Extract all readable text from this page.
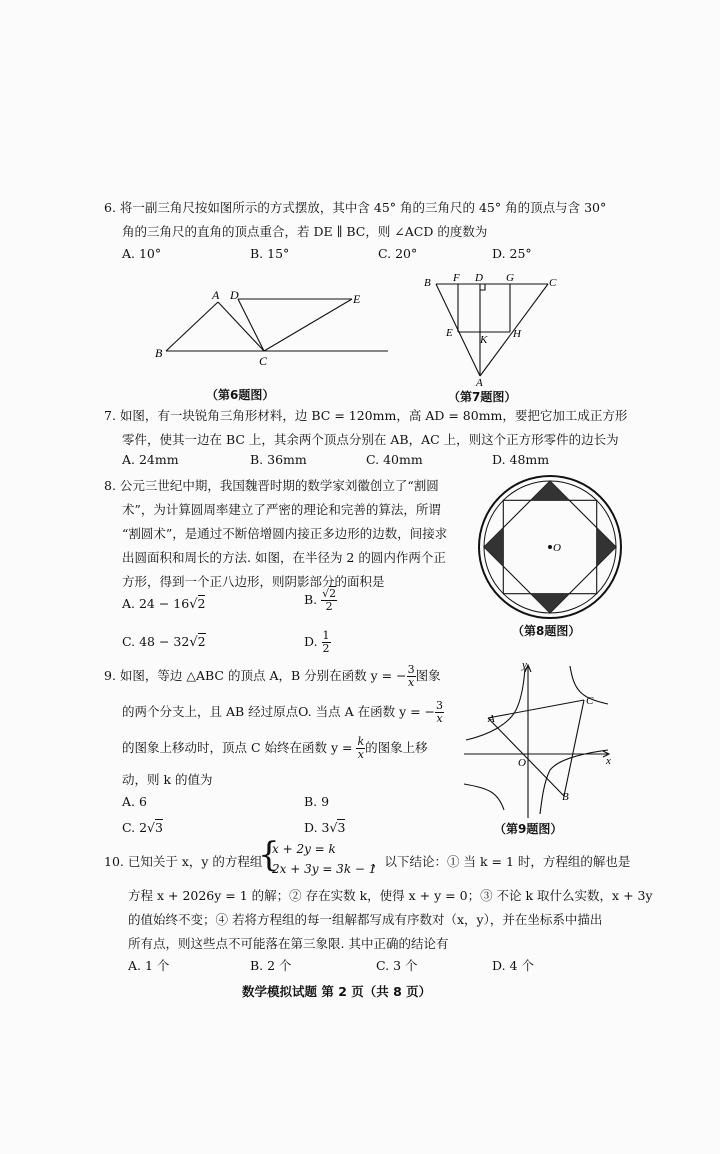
6. 将一副三角尺按如图所示的方式摆放，其中含 45° 角的三角尺的 45° 角的顶点与含 30°
角的三角尺的直角的顶点重合，若 DE ∥ BC，则 ∠ACD 的度数为
A. 10°	B. 15°	C. 20°	D. 25°
A D	E
B
C
（第6题图）
B F D G	C
E
K H
A
（第7题图）
7. 如图，有一块锐角三角形材料，边 BC = 120mm，高 AD = 80mm，要把它加工成正方形
零件，使其一边在 BC 上，其余两个顶点分别在 AB，AC 上，则这个正方形零件的边长为
A. 24mm	B. 36mm	C. 40mm	D. 48mm
8. 公元三世纪中期，我国魏晋时期的数学家刘徽创立了“割圆
术”，为计算圆周率建立了严密的理论和完善的算法，所谓
“割圆术”，是通过不断倍增圆内接正多边形的边数，间接求
出圆面积和周长的方法. 如图，在半径为 2 的圆内作两个正
方形，得到一个正八边形，则阴影部分的面积是
A. 24 − 16√2	B. $\frac{√2}{2}$
C. 48 − 32√2	D. $\frac{1}{2}$
O
（第8题图）
9. 如图，等边 △ABC 的顶点 A，B 分别在函数 y = − $\frac{3}{x}$ 图象
的两个分支上，且 AB 经过原点O. 当点 A 在函数 y = − $\frac{3}{x}$
的图象上移动时，顶点 C 始终在函数 $y = \frac{k}{x}$ 的图象上移
动，则 k 的值为
A. 6	B. 9
C. 2√3	D. 3√3
y
x
O
A
B
C
（第9题图）
10. 已知关于 x，y 的方程组
{
x + 2y = k
2x + 3y = 3k − 1
，以下结论：① 当 k = 1 时，方程组的解也是
方程 x + 2026y = 1 的解；② 存在实数 k，使得 x + y = 0；③ 不论 k 取什么实数，x + 3y
的值始终不变；④ 若将方程组的每一组解都写成有序数对（x，y），并在坐标系中描出
所有点，则这些点不可能落在第三象限. 其中正确的结论有
A. 1 个	B. 2 个	C. 3 个	D. 4 个
数学模拟试题 第 2 页（共 8 页）
